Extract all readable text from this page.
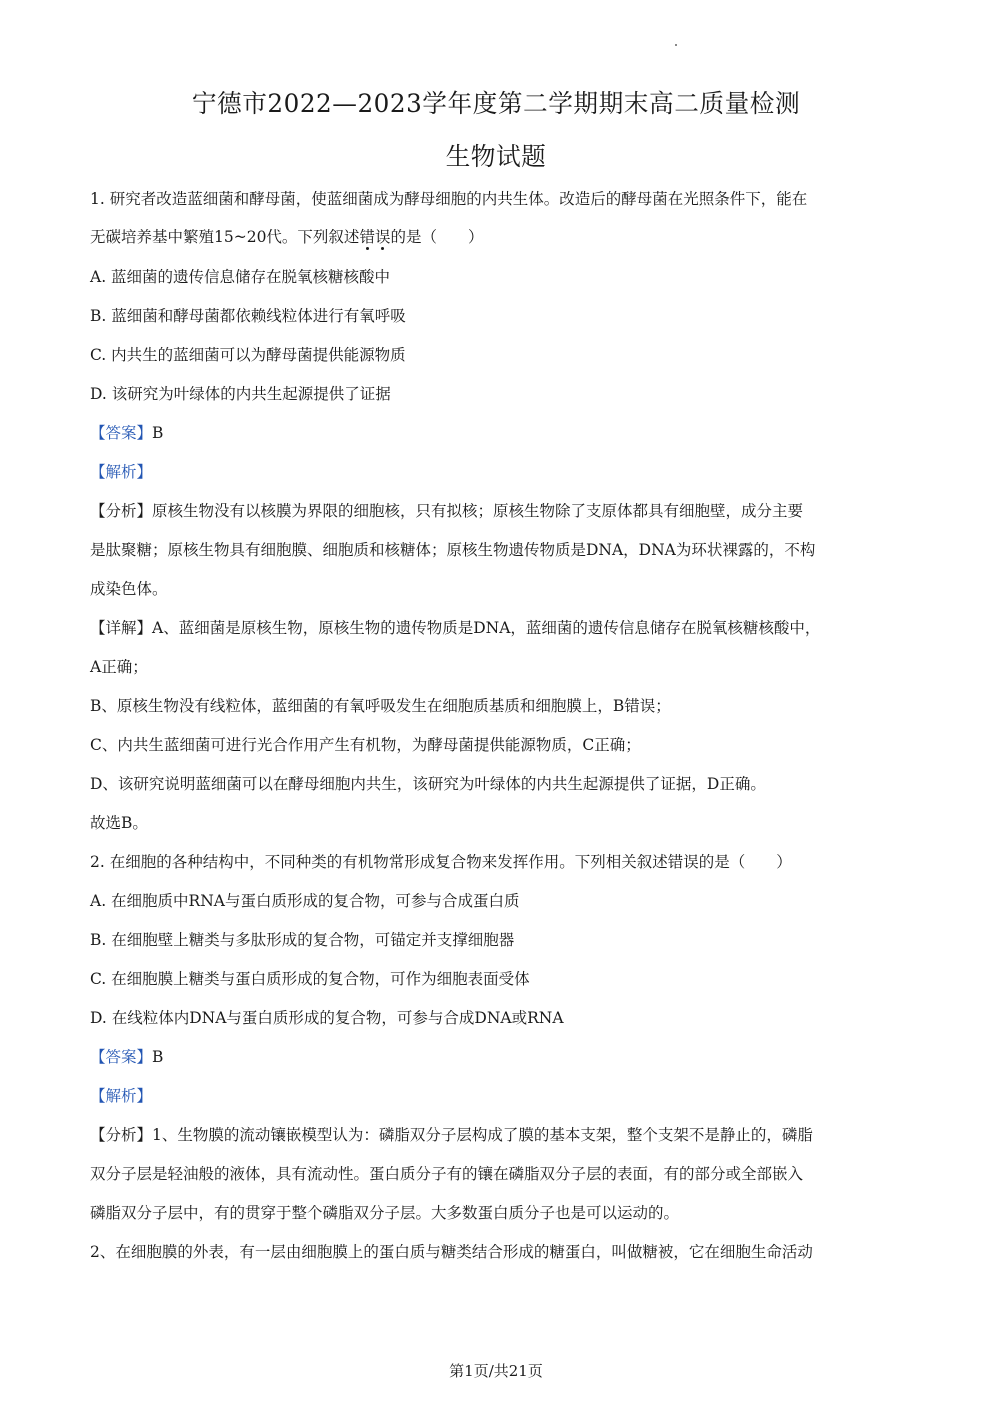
宁德市2022—2023学年度第二学期期末高二质量检测
生物试题
1. 研究者改造蓝细菌和酵母菌，使蓝细菌成为酵母细胞的内共生体。改造后的酵母菌在光照条件下，能在
无碳培养基中繁殖15~20代。下列叙述错误的是（　　）
A. 蓝细菌的遗传信息储存在脱氧核糖核酸中
B. 蓝细菌和酵母菌都依赖线粒体进行有氧呼吸
C. 内共生的蓝细菌可以为酵母菌提供能源物质
D. 该研究为叶绿体的内共生起源提供了证据
【答案】B
【解析】
【分析】原核生物没有以核膜为界限的细胞核，只有拟核；原核生物除了支原体都具有细胞壁，成分主要
是肽聚糖；原核生物具有细胞膜、细胞质和核糖体；原核生物遗传物质是DNA，DNA为环状裸露的，不构
成染色体。
【详解】A、蓝细菌是原核生物，原核生物的遗传物质是DNA，蓝细菌的遗传信息储存在脱氧核糖核酸中，
A正确；
B、原核生物没有线粒体，蓝细菌的有氧呼吸发生在细胞质基质和细胞膜上，B错误；
C、内共生蓝细菌可进行光合作用产生有机物，为酵母菌提供能源物质，C正确；
D、该研究说明蓝细菌可以在酵母细胞内共生，该研究为叶绿体的内共生起源提供了证据，D正确。
故选B。
2. 在细胞的各种结构中，不同种类的有机物常形成复合物来发挥作用。下列相关叙述错误的是（　　）
A. 在细胞质中RNA与蛋白质形成的复合物，可参与合成蛋白质
B. 在细胞壁上糖类与多肽形成的复合物，可锚定并支撑细胞器
C. 在细胞膜上糖类与蛋白质形成的复合物，可作为细胞表面受体
D. 在线粒体内DNA与蛋白质形成的复合物，可参与合成DNA或RNA
【答案】B
【解析】
【分析】1、生物膜的流动镶嵌模型认为：磷脂双分子层构成了膜的基本支架，整个支架不是静止的，磷脂
双分子层是轻油般的液体，具有流动性。蛋白质分子有的镶在磷脂双分子层的表面，有的部分或全部嵌入
磷脂双分子层中，有的贯穿于整个磷脂双分子层。大多数蛋白质分子也是可以运动的。
2、在细胞膜的外表，有一层由细胞膜上的蛋白质与糖类结合形成的糖蛋白，叫做糖被，它在细胞生命活动
第1页/共21页
